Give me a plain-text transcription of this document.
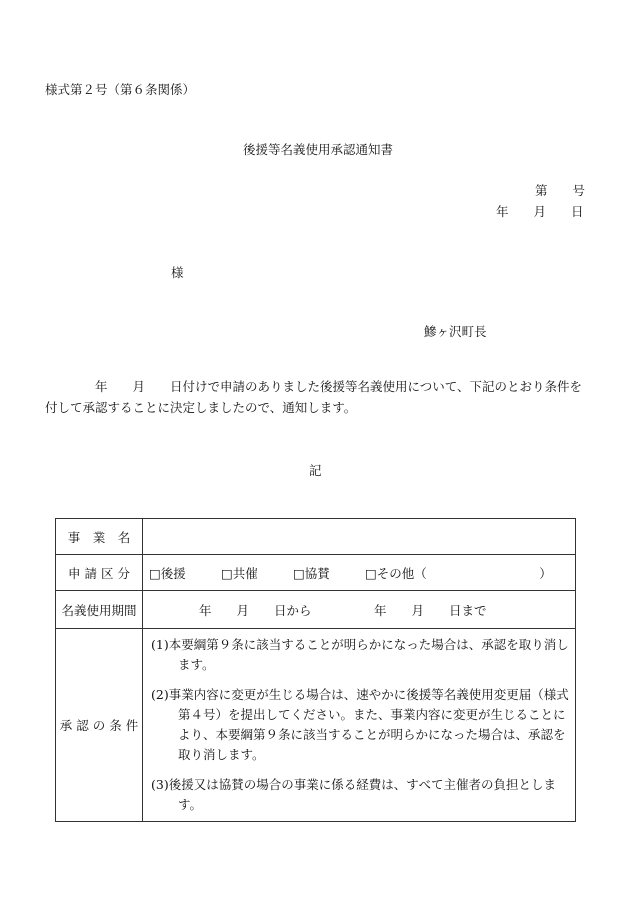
様式第２号（第６条関係）
後援等名義使用承認通知書
第　　号
年　　月　　日
様
鰺ヶ沢町長
年　　月　　日付けで申請のありました後援等名義使用について、下記のとおり条件を付して承認することに決定しましたので、通知します。
記
事　業　名	
申 請 区 分	□後援 □共催 □協賛 □その他（　　　　　　　　　）
名義使用期間	年　　月　　日から　　　　　年　　月　　日まで
承 認 の 条 件	(1)本要綱第９条に該当することが明らかになった場合は、承認を取り消します。

(2)事業内容に変更が生じる場合は、速やかに後援等名義使用変更届（様式第４号）を提出してください。また、事業内容に変更が生じることにより、本要綱第９条に該当することが明らかになった場合は、承認を取り消します。

(3)後援又は協賛の場合の事業に係る経費は、すべて主催者の負担とします。
